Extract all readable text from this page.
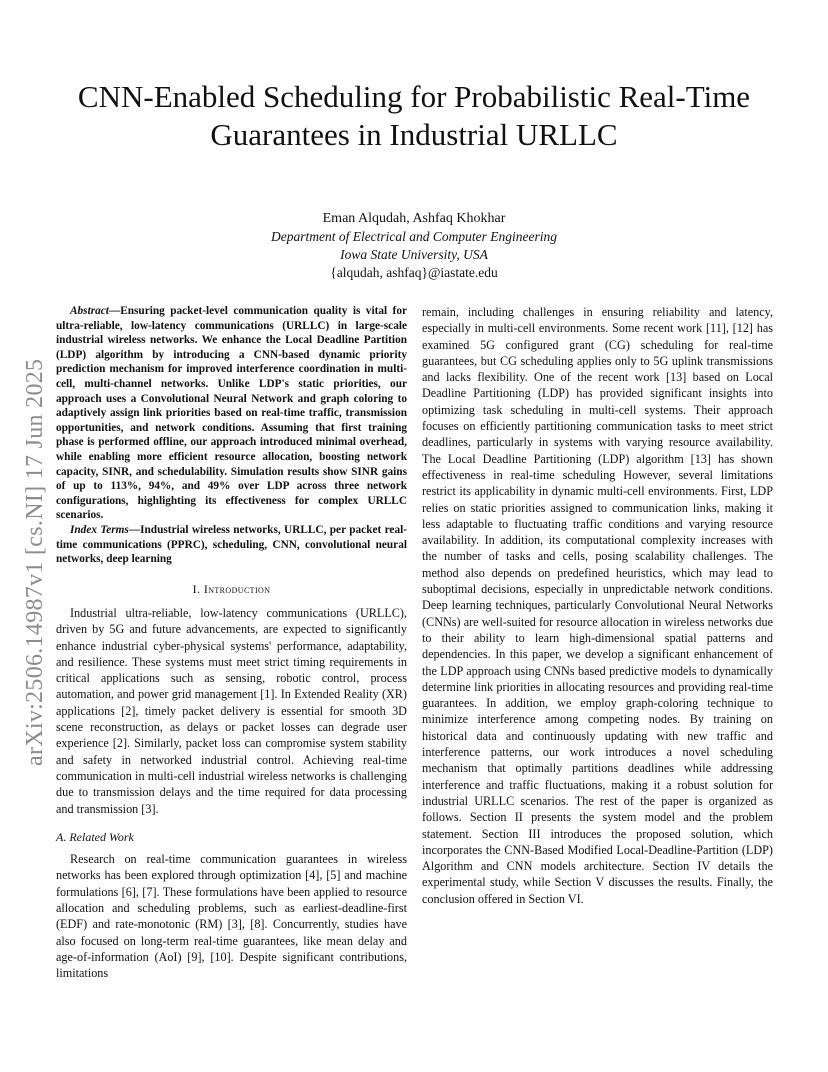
CNN-Enabled Scheduling for Probabilistic Real-Time Guarantees in Industrial URLLC
Eman Alqudah, Ashfaq Khokhar
Department of Electrical and Computer Engineering
Iowa State University, USA
{alqudah, ashfaq}@iastate.edu
arXiv:2506.14987v1 [cs.NI] 17 Jun 2025

Abstract—Ensuring packet-level communication quality is vital for ultra-reliable, low-latency communications (URLLC) in large-scale industrial wireless networks. We enhance the Local Deadline Partition (LDP) algorithm by introducing a CNN-based dynamic priority prediction mechanism for improved interference coordination in multi-cell, multi-channel networks. Unlike LDP's static priorities, our approach uses a Convolutional Neural Network and graph coloring to adaptively assign link priorities based on real-time traffic, transmission opportunities, and network conditions. Assuming that first training phase is performed offline, our approach introduced minimal overhead, while enabling more efficient resource allocation, boosting network capacity, SINR, and schedulability. Simulation results show SINR gains of up to 113%, 94%, and 49% over LDP across three network configurations, highlighting its effectiveness for complex URLLC scenarios.

Index Terms—Industrial wireless networks, URLLC, per packet real-time communications (PPRC), scheduling, CNN, convolutional neural networks, deep learning

I. Introduction

Industrial ultra-reliable, low-latency communications (URLLC), driven by 5G and future advancements, are expected to significantly enhance industrial cyber-physical systems' performance, adaptability, and resilience. These systems must meet strict timing requirements in critical applications such as sensing, robotic control, process automation, and power grid management [1]. In Extended Reality (XR) applications [2], timely packet delivery is essential for smooth 3D scene reconstruction, as delays or packet losses can degrade user experience [2]. Similarly, packet loss can compromise system stability and safety in networked industrial control. Achieving real-time communication in multi-cell industrial wireless networks is challenging due to transmission delays and the time required for data processing and transmission [3].

A. Related Work

Research on real-time communication guarantees in wireless networks has been explored through optimization [4], [5] and machine formulations [6], [7]. These formulations have been applied to resource allocation and scheduling problems, such as earliest-deadline-first (EDF) and rate-monotonic (RM) [3], [8]. Concurrently, studies have also focused on long-term real-time guarantees, like mean delay and age-of-information (AoI) [9], [10]. Despite significant contributions, limitations

remain, including challenges in ensuring reliability and latency, especially in multi-cell environments. Some recent work [11], [12] has examined 5G configured grant (CG) scheduling for real-time guarantees, but CG scheduling applies only to 5G uplink transmissions and lacks flexibility. One of the recent work [13] based on Local Deadline Partitioning (LDP) has provided significant insights into optimizing task scheduling in multi-cell systems. Their approach focuses on efficiently partitioning communication tasks to meet strict deadlines, particularly in systems with varying resource availability. The Local Deadline Partitioning (LDP) algorithm [13] has shown effectiveness in real-time scheduling However, several limitations restrict its applicability in dynamic multi-cell environments. First, LDP relies on static priorities assigned to communication links, making it less adaptable to fluctuating traffic conditions and varying resource availability. In addition, its computational complexity increases with the number of tasks and cells, posing scalability challenges. The method also depends on predefined heuristics, which may lead to suboptimal decisions, especially in unpredictable network conditions. Deep learning techniques, particularly Convolutional Neural Networks (CNNs) are well-suited for resource allocation in wireless networks due to their ability to learn high-dimensional spatial patterns and dependencies. In this paper, we develop a significant enhancement of the LDP approach using CNNs based predictive models to dynamically determine link priorities in allocating resources and providing real-time guarantees. In addition, we employ graph-coloring technique to minimize interference among competing nodes. By training on historical data and continuously updating with new traffic and interference patterns, our work introduces a novel scheduling mechanism that optimally partitions deadlines while addressing interference and traffic fluctuations, making it a robust solution for industrial URLLC scenarios. The rest of the paper is organized as follows. Section II presents the system model and the problem statement. Section III introduces the proposed solution, which incorporates the CNN-Based Modified Local-Deadline-Partition (LDP) Algorithm and CNN models architecture. Section IV details the experimental study, while Section V discusses the results. Finally, the conclusion offered in Section VI.
